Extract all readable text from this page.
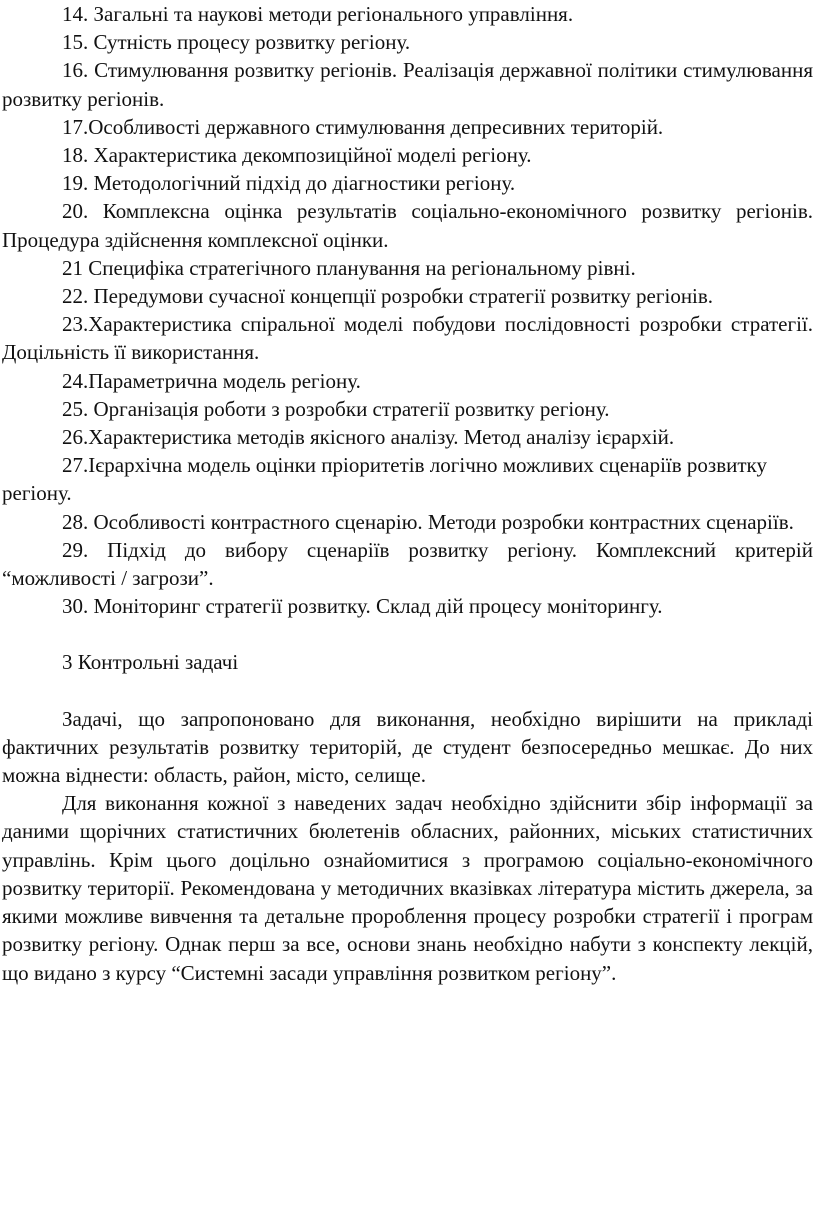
14. Загальні та наукові методи регіонального управління.

15. Сутність процесу розвитку регіону.

16. Стимулювання розвитку регіонів. Реалізація державної політики стимулювання розвитку регіонів.

17.Особливості державного стимулювання депресивних територій.

18. Характеристика декомпозиційної моделі регіону.

19. Методологічний підхід до діагностики регіону.

20. Комплексна оцінка результатів соціально-економічного розвитку регіонів. Процедура здійснення комплексної оцінки.

21 Специфіка стратегічного планування на регіональному рівні.

22. Передумови сучасної концепції розробки стратегії розвитку регіонів.

23.Характеристика спіральної моделі побудови послідовності розробки стратегії. Доцільність її використання.

24.Параметрична модель регіону.

25. Організація роботи з розробки стратегії розвитку регіону.

26.Характеристика методів якісного аналізу. Метод аналізу ієрархій.

27.Ієрархічна модель оцінки пріоритетів логічно можливих сценаріїв розвитку регіону.

28. Особливості контрастного сценарію. Методи розробки контрастних сценаріїв.

29. Підхід до вибору сценаріїв розвитку регіону. Комплексний критерій “можливості / загрози”.

30. Моніторинг стратегії розвитку. Склад дій процесу моніторингу.

3 Контрольні задачі

Задачі, що запропоновано для виконання, необхідно вирішити на прикладі фактичних результатів розвитку територій, де студент безпосередньо мешкає. До них можна віднести: область, район, місто, селище.

Для виконання кожної з наведених задач необхідно здійснити збір інформації за даними щорічних статистичних бюлетенів обласних, районних, міських статистичних управлінь. Крім цього доцільно ознайомитися з програмою соціально-економічного розвитку території. Рекомендована у методичних вказівках література містить джерела, за якими можливе вивчення та детальне пророблення процесу розробки стратегії і програм розвитку регіону. Однак перш за все, основи знань необхідно набути з конспекту лекцій, що видано з курсу “Системні засади управління розвитком регіону”.
